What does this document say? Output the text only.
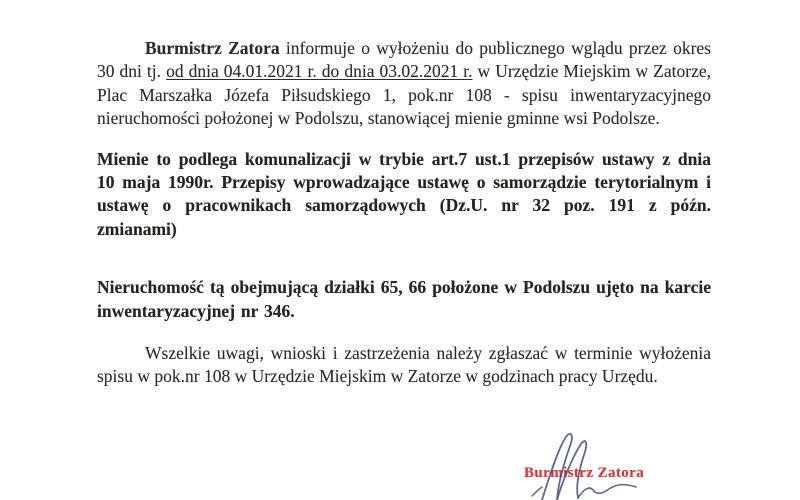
Burmistrz Zatora informuje o wyłożeniu do publicznego wglądu przez okres 30 dni tj. od dnia 04.01.2021 r. do dnia 03.02.2021 r. w Urzędzie Miejskim w Zatorze, Plac Marszałka Józefa Piłsudskiego 1, pok.nr 108 - spisu inwentaryzacyjnego nieruchomości położonej w Podolszu, stanowiącej mienie gminne wsi Podolsze.

Mienie to podlega komunalizacji w trybie art.7 ust.1 przepisów ustawy z dnia 10 maja 1990r. Przepisy wprowadzające ustawę o samorządzie terytorialnym i ustawę o pracownikach samorządowych (Dz.U. nr 32 poz. 191 z późn. zmianami)

Nieruchomość tą obejmującą działki 65, 66 położone w Podolszu ujęto na karcie inwentaryzacyjnej nr 346.

Wszelkie uwagi, wnioski i zastrzeżenia należy zgłaszać w terminie wyłożenia spisu w pok.nr 108 w Urzędzie Miejskim w Zatorze w godzinach pracy Urzędu.

Burmistrz Zatora
